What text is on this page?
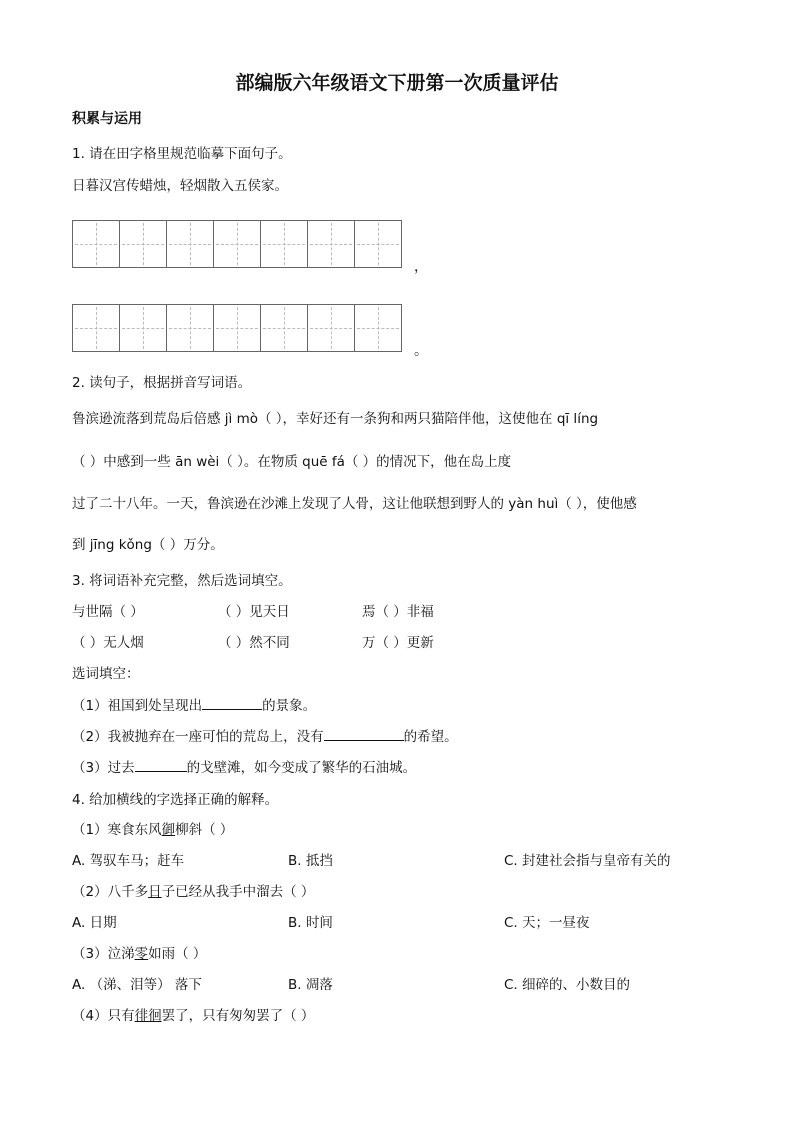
部编版六年级语文下册第一次质量评估
积累与运用
1. 请在田字格里规范临摹下面句子。
日暮汉宫传蜡烛，轻烟散入五侯家。
，
。
2. 读句子，根据拼音写词语。
鲁滨逊流落到荒岛后倍感 jì mò（ ），幸好还有一条狗和两只猫陪伴他，这使他在 qī líng
（ ）中感到一些 ān wèi（ ）。在物质 quē fá（ ）的情况下，他在岛上度
过了二十八年。一天，鲁滨逊在沙滩上发现了人骨，这让他联想到野人的 yàn huì（ ），使他感
到 jīng kǒng（ ）万分。
3. 将词语补充完整，然后选词填空。
与世隔（ ）	（ ）见天日	焉（ ）非福
（ ）无人烟	（ ）然不同	万（ ）更新
选词填空：
（1）祖国到处呈现出	的景象。
（2）我被抛弃在一座可怕的荒岛上，没有	的希望。
（3）过去	的戈壁滩，如今变成了繁华的石油城。
4. 给加横线的字选择正确的解释。
（1）寒食东风御柳斜（ ）
A. 驾驭车马；赶车	B. 抵挡	C. 封建社会指与皇帝有关的
（2）八千多日子已经从我手中溜去（ ）
A. 日期	B. 时间	C. 天；一昼夜
（3）泣涕零如雨（ ）
A. （涕、泪等） 落下	B. 凋落	C. 细碎的、小数目的
（4）只有徘徊罢了，只有匆匆罢了（ ）
